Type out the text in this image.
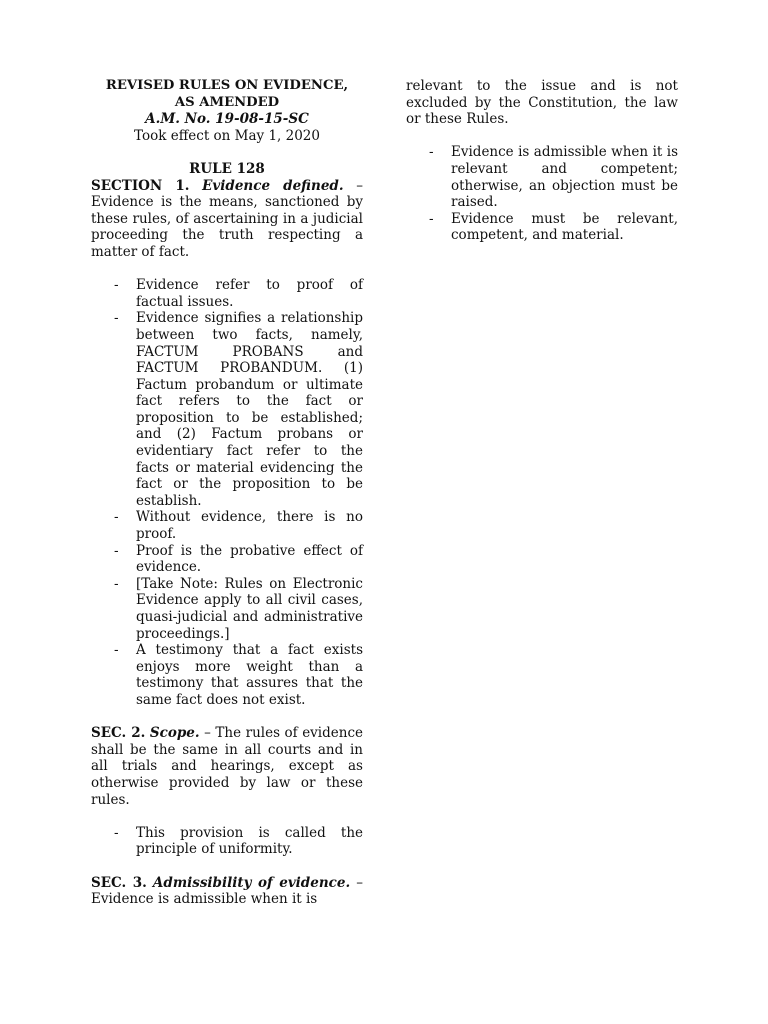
REVISED RULES ON EVIDENCE,
AS AMENDED
A.M. No. 19-08-15-SC
Took effect on May 1, 2020
RULE 128
SECTION 1. Evidence defined. – Evidence is the means, sanctioned by these rules, of ascertaining in a judicial proceeding the truth respecting a matter of fact.
- Evidence refer to proof of factual issues.
- Evidence signifies a relationship between two facts, namely, FACTUM PROBANS and FACTUM PROBANDUM. (1) Factum probandum or ultimate fact refers to the fact or proposition to be established; and (2) Factum probans or evidentiary fact refer to the facts or material evidencing the fact or the proposition to be establish.
- Without evidence, there is no proof.
- Proof is the probative effect of evidence.
- [Take Note: Rules on Electronic Evidence apply to all civil cases, quasi-judicial and administrative proceedings.]
- A testimony that a fact exists enjoys more weight than a testimony that assures that the same fact does not exist.
SEC. 2. Scope. – The rules of evidence shall be the same in all courts and in all trials and hearings, except as otherwise provided by law or these rules.
- This provision is called the principle of uniformity.
SEC. 3. Admissibility of evidence. – Evidence is admissible when it is
relevant to the issue and is not excluded by the Constitution, the law or these Rules.
- Evidence is admissible when it is relevant and competent; otherwise, an objection must be raised.
- Evidence must be relevant, competent, and material.
